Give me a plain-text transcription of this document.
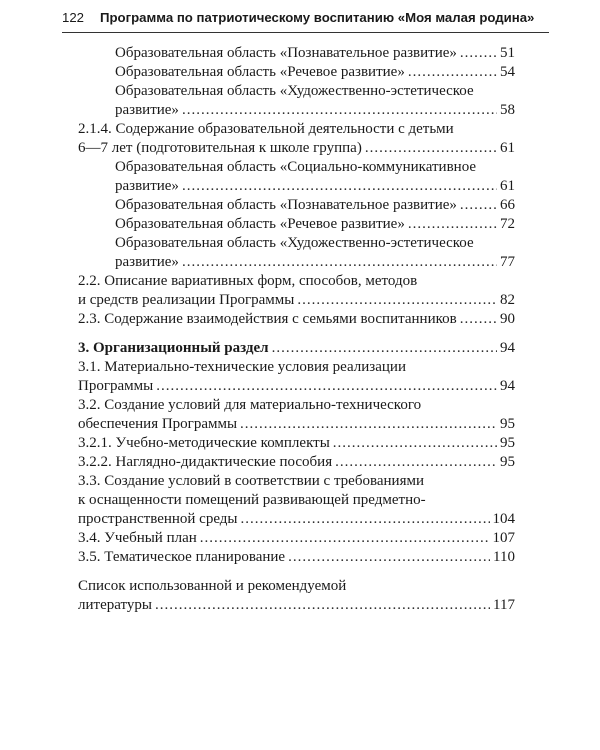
122 Программа по патриотическому воспитанию «Моя малая родина»

Образовательная область «Познавательное развитие» .....	51

Образовательная область «Речевое развитие» .....	54

Образовательная область «Художественно-эстетическое
развитие» .....	58

2.1.4. Содержание образовательной деятельности с детьми
6—7 лет (подготовительная к школе группа) .....	61

Образовательная область «Социально-коммуникативное
развитие» .....	61

Образовательная область «Познавательное развитие» .....	66

Образовательная область «Речевое развитие» .....	72

Образовательная область «Художественно-эстетическое
развитие» .....	77

2.2. Описание вариативных форм, способов, методов
и средств реализации Программы .....	82

2.3. Содержание взаимодействия с семьями воспитанников .....	90

3. Организационный раздел .....	94

3.1. Материально-технические условия реализации
Программы .....	94

3.2. Создание условий для материально-технического
обеспечения Программы .....	95

3.2.1. Учебно-методические комплекты .....	95

3.2.2. Наглядно-дидактические пособия .....	95

3.3. Создание условий в соответствии с требованиями
к оснащенности помещений развивающей предметно-
пространственной среды .....	104

3.4. Учебный план .....	107

3.5. Тематическое планирование .....	110

Список использованной и рекомендуемой
литературы .....	117
